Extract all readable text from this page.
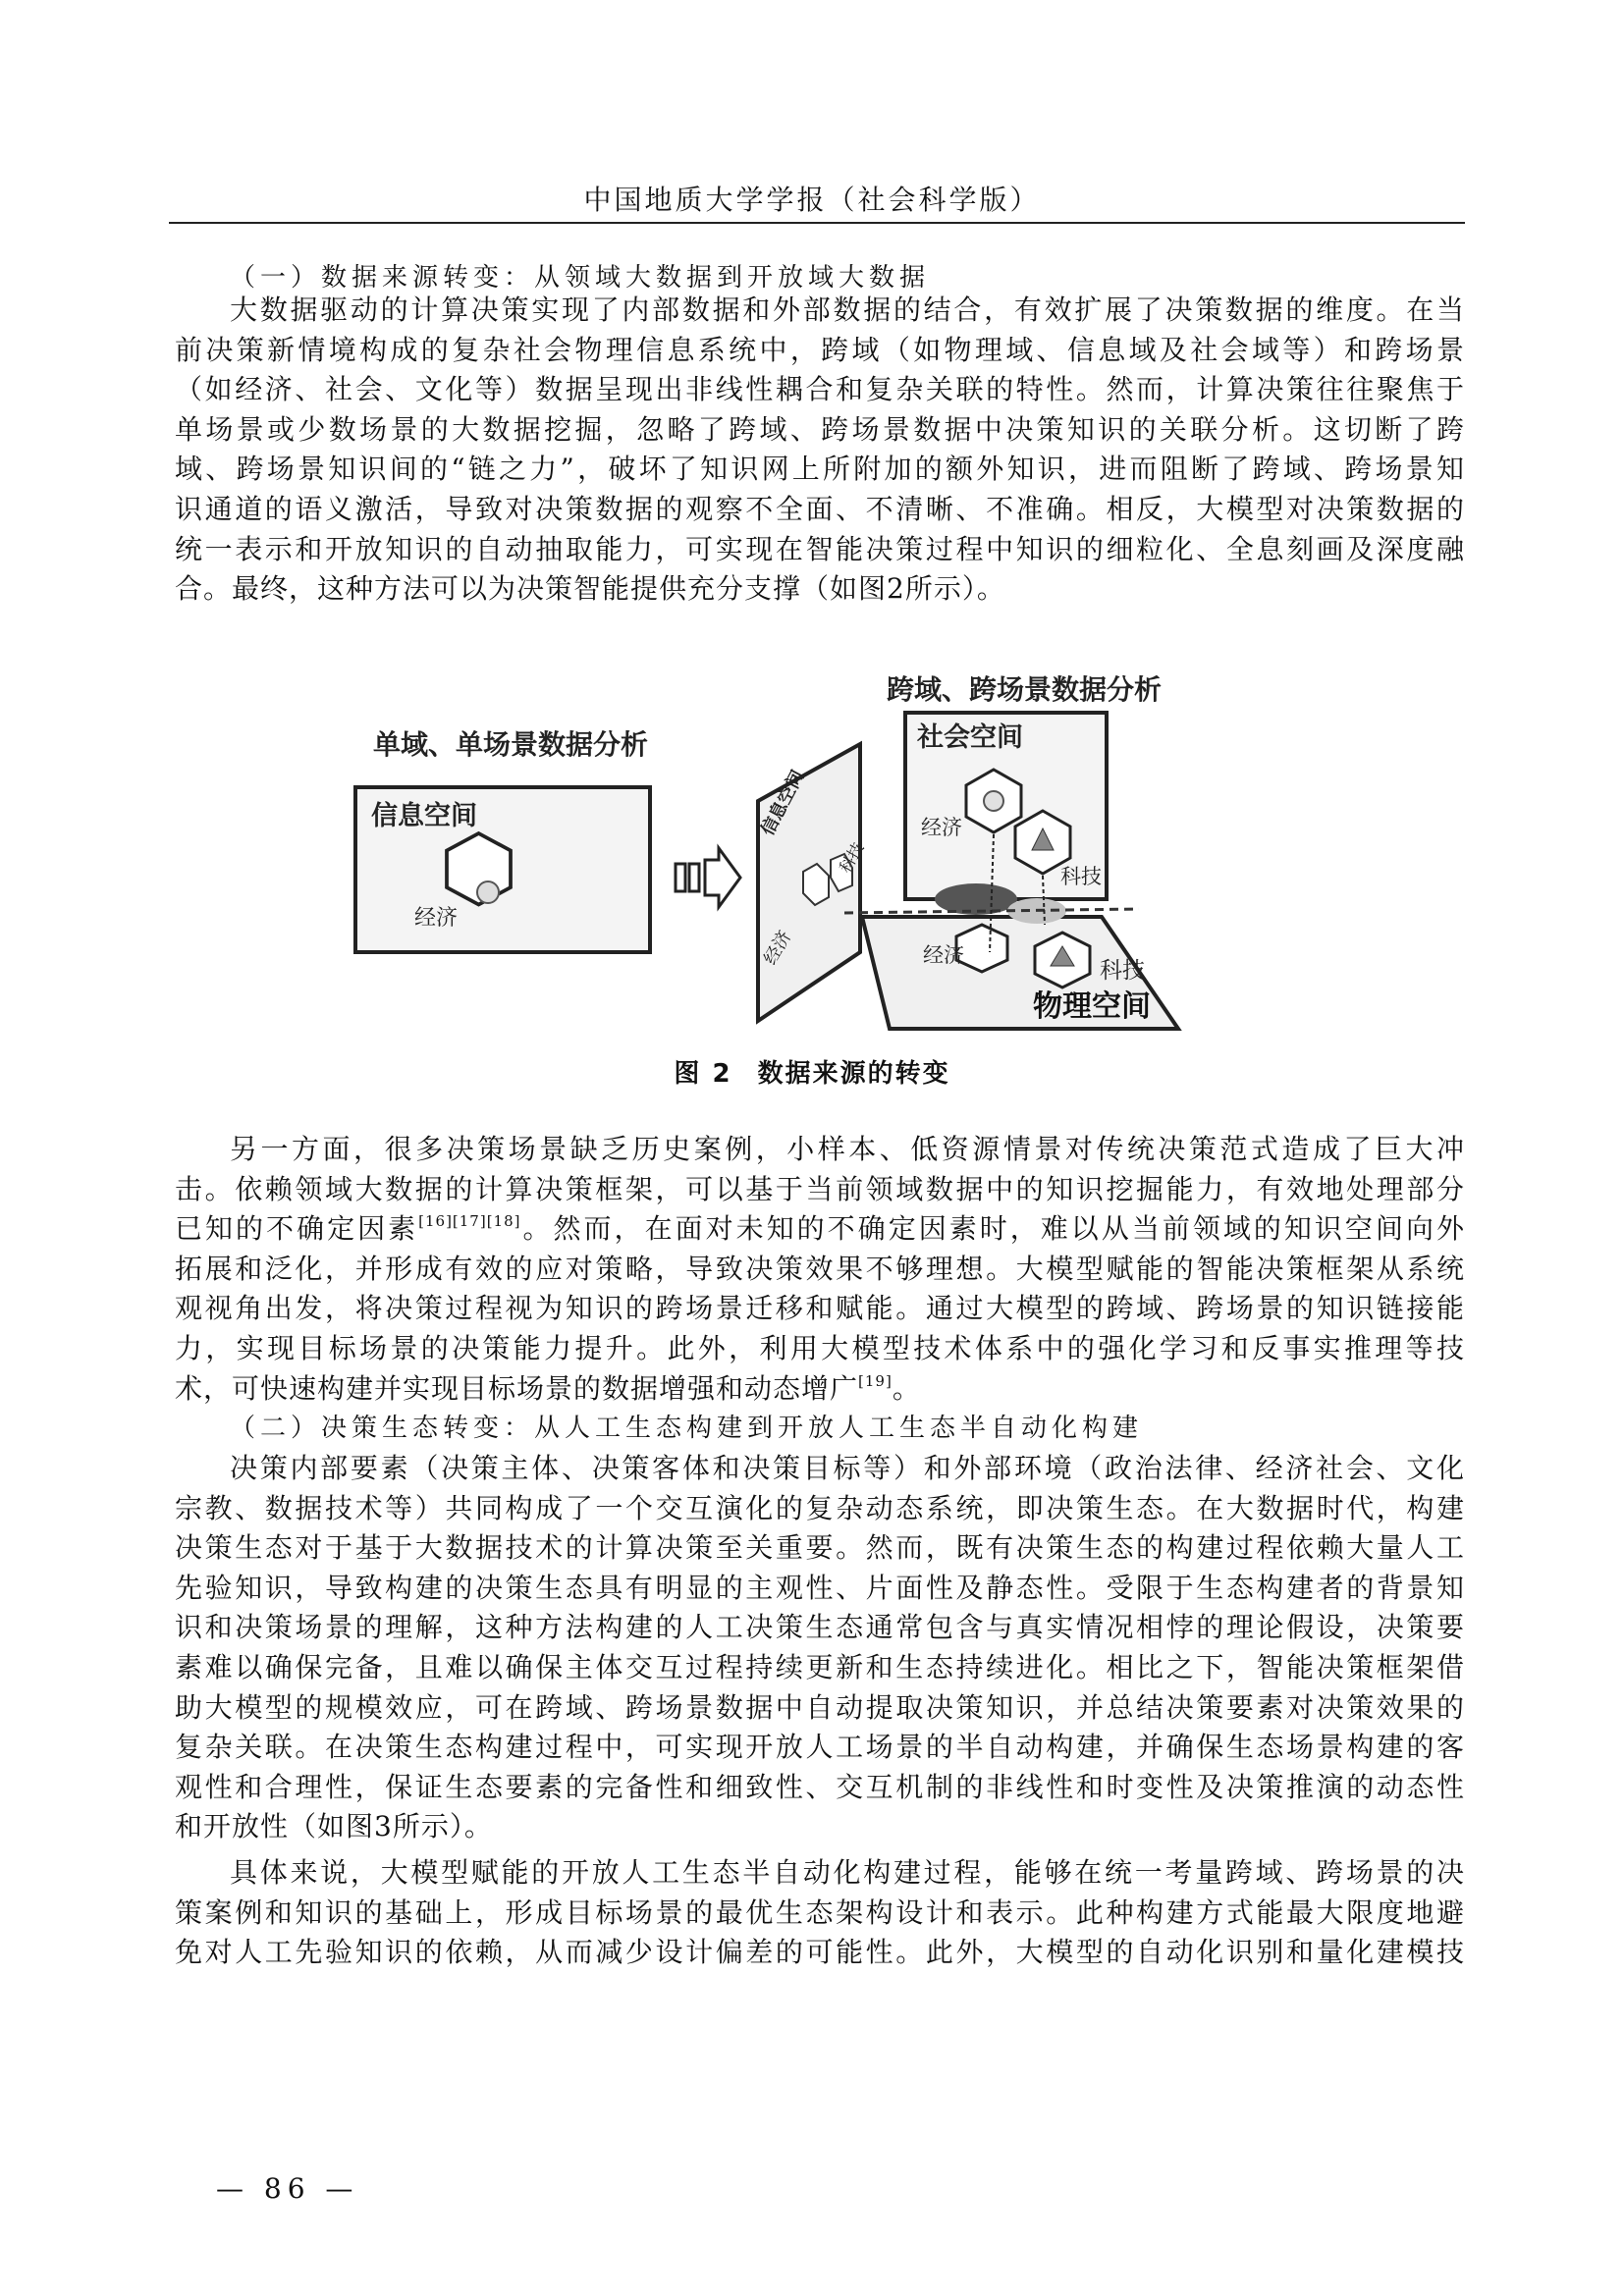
中国地质大学学报（社会科学版）
（一）数据来源转变：从领域大数据到开放域大数据
大数据驱动的计算决策实现了内部数据和外部数据的结合，有效扩展了决策数据的维度。在当
前决策新情境构成的复杂社会物理信息系统中，跨域（如物理域、信息域及社会域等）和跨场景
（如经济、社会、文化等）数据呈现出非线性耦合和复杂关联的特性。然而，计算决策往往聚焦于
单场景或少数场景的大数据挖掘，忽略了跨域、跨场景数据中决策知识的关联分析。这切断了跨
域、跨场景知识间的“链之力”，破坏了知识网上所附加的额外知识，进而阻断了跨域、跨场景知
识通道的语义激活，导致对决策数据的观察不全面、不清晰、不准确。相反，大模型对决策数据的
统一表示和开放知识的自动抽取能力，可实现在智能决策过程中知识的细粒化、全息刻画及深度融
合。最终，这种方法可以为决策智能提供充分支撑（如图2所示）。
单域、单场景数据分析
信息空间
经济
跨域、跨场景数据分析
信息空间
经济
科技
社会空间
经济
科技
经济
科技
物理空间
图 2 数据来源的转变
另一方面，很多决策场景缺乏历史案例，小样本、低资源情景对传统决策范式造成了巨大冲
击。依赖领域大数据的计算决策框架，可以基于当前领域数据中的知识挖掘能力，有效地处理部分
已知的不确定因素[16][17][18]。然而，在面对未知的不确定因素时，难以从当前领域的知识空间向外
拓展和泛化，并形成有效的应对策略，导致决策效果不够理想。大模型赋能的智能决策框架从系统
观视角出发，将决策过程视为知识的跨场景迁移和赋能。通过大模型的跨域、跨场景的知识链接能
力，实现目标场景的决策能力提升。此外，利用大模型技术体系中的强化学习和反事实推理等技
术，可快速构建并实现目标场景的数据增强和动态增广[19]。
（二）决策生态转变：从人工生态构建到开放人工生态半自动化构建
决策内部要素（决策主体、决策客体和决策目标等）和外部环境（政治法律、经济社会、文化
宗教、数据技术等）共同构成了一个交互演化的复杂动态系统，即决策生态。在大数据时代，构建
决策生态对于基于大数据技术的计算决策至关重要。然而，既有决策生态的构建过程依赖大量人工
先验知识，导致构建的决策生态具有明显的主观性、片面性及静态性。受限于生态构建者的背景知
识和决策场景的理解，这种方法构建的人工决策生态通常包含与真实情况相悖的理论假设，决策要
素难以确保完备，且难以确保主体交互过程持续更新和生态持续进化。相比之下，智能决策框架借
助大模型的规模效应，可在跨域、跨场景数据中自动提取决策知识，并总结决策要素对决策效果的
复杂关联。在决策生态构建过程中，可实现开放人工场景的半自动构建，并确保生态场景构建的客
观性和合理性，保证生态要素的完备性和细致性、交互机制的非线性和时变性及决策推演的动态性
和开放性（如图3所示）。
具体来说，大模型赋能的开放人工生态半自动化构建过程，能够在统一考量跨域、跨场景的决
策案例和知识的基础上，形成目标场景的最优生态架构设计和表示。此种构建方式能最大限度地避
免对人工先验知识的依赖，从而减少设计偏差的可能性。此外，大模型的自动化识别和量化建模技
— 86 —
